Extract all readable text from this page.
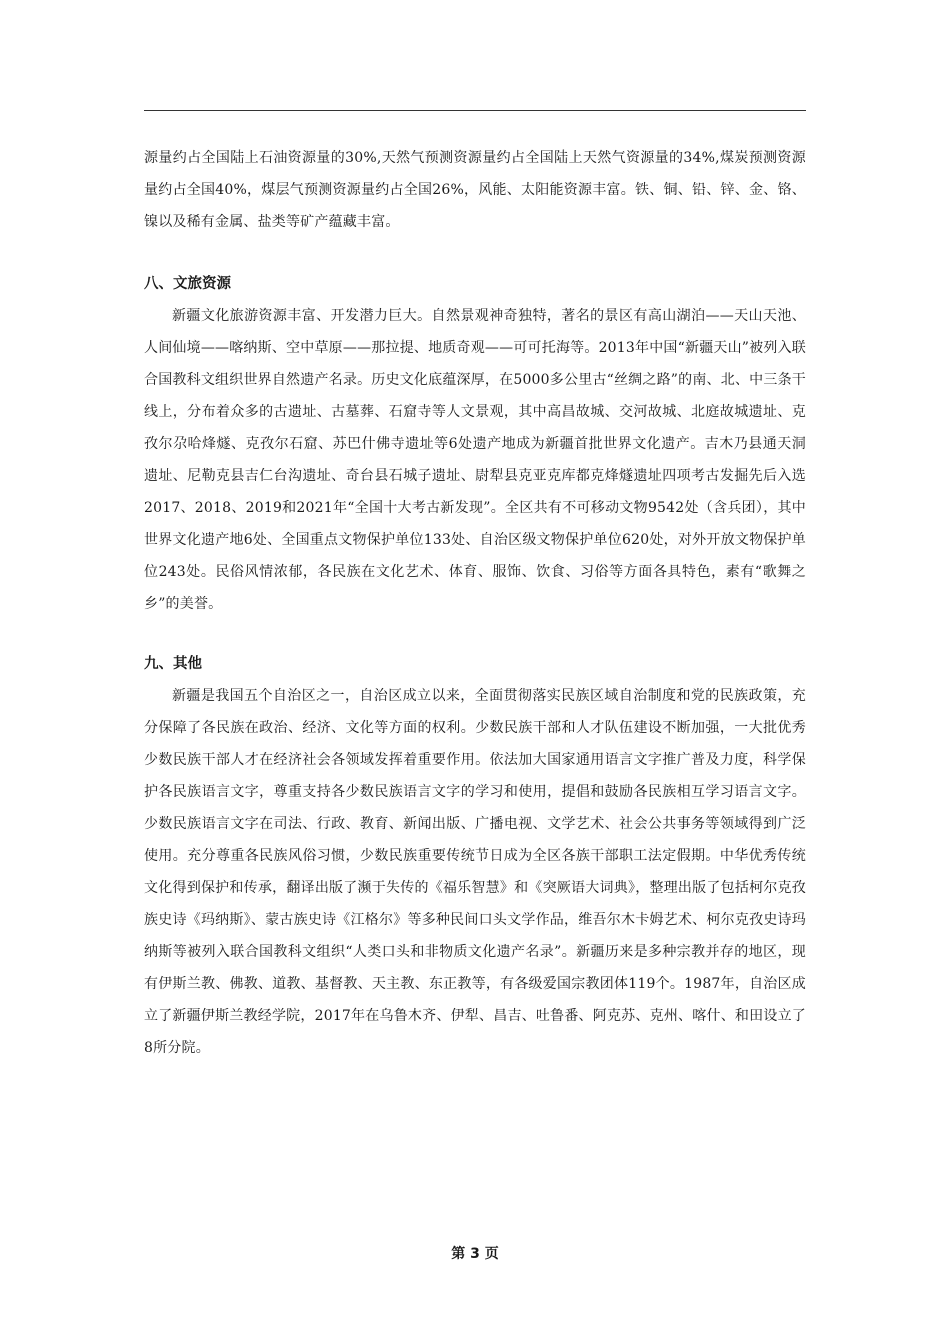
源量约占全国陆上石油资源量的30%,天然气预测资源量约占全国陆上天然气资源量的34%,煤炭预测资源量约占全国40%，煤层气预测资源量约占全国26%，风能、太阳能资源丰富。铁、铜、铅、锌、金、铬、镍以及稀有金属、盐类等矿产蕴藏丰富。

八、文旅资源

新疆文化旅游资源丰富、开发潜力巨大。自然景观神奇独特，著名的景区有高山湖泊——天山天池、人间仙境——喀纳斯、空中草原——那拉提、地质奇观——可可托海等。2013年中国“新疆天山”被列入联合国教科文组织世界自然遗产名录。历史文化底蕴深厚，在5000多公里古“丝绸之路”的南、北、中三条干线上，分布着众多的古遗址、古墓葬、石窟寺等人文景观，其中高昌故城、交河故城、北庭故城遗址、克孜尔尕哈烽燧、克孜尔石窟、苏巴什佛寺遗址等6处遗产地成为新疆首批世界文化遗产。吉木乃县通天洞遗址、尼勒克县吉仁台沟遗址、奇台县石城子遗址、尉犁县克亚克库都克烽燧遗址四项考古发掘先后入选2017、2018、2019和2021年“全国十大考古新发现”。全区共有不可移动文物9542处（含兵团），其中世界文化遗产地6处、全国重点文物保护单位133处、自治区级文物保护单位620处，对外开放文物保护单位243处。民俗风情浓郁，各民族在文化艺术、体育、服饰、饮食、习俗等方面各具特色，素有“歌舞之乡”的美誉。

九、其他

新疆是我国五个自治区之一，自治区成立以来，全面贯彻落实民族区域自治制度和党的民族政策，充分保障了各民族在政治、经济、文化等方面的权利。少数民族干部和人才队伍建设不断加强，一大批优秀少数民族干部人才在经济社会各领域发挥着重要作用。依法加大国家通用语言文字推广普及力度，科学保护各民族语言文字，尊重支持各少数民族语言文字的学习和使用，提倡和鼓励各民族相互学习语言文字。少数民族语言文字在司法、行政、教育、新闻出版、广播电视、文学艺术、社会公共事务等领域得到广泛使用。充分尊重各民族风俗习惯，少数民族重要传统节日成为全区各族干部职工法定假期。中华优秀传统文化得到保护和传承，翻译出版了濒于失传的《福乐智慧》和《突厥语大词典》，整理出版了包括柯尔克孜族史诗《玛纳斯》、蒙古族史诗《江格尔》等多种民间口头文学作品，维吾尔木卡姆艺术、柯尔克孜史诗玛纳斯等被列入联合国教科文组织“人类口头和非物质文化遗产名录”。新疆历来是多种宗教并存的地区，现有伊斯兰教、佛教、道教、基督教、天主教、东正教等，有各级爱国宗教团体119个。1987年，自治区成立了新疆伊斯兰教经学院，2017年在乌鲁木齐、伊犁、昌吉、吐鲁番、阿克苏、克州、喀什、和田设立了8所分院。

第 3 页
